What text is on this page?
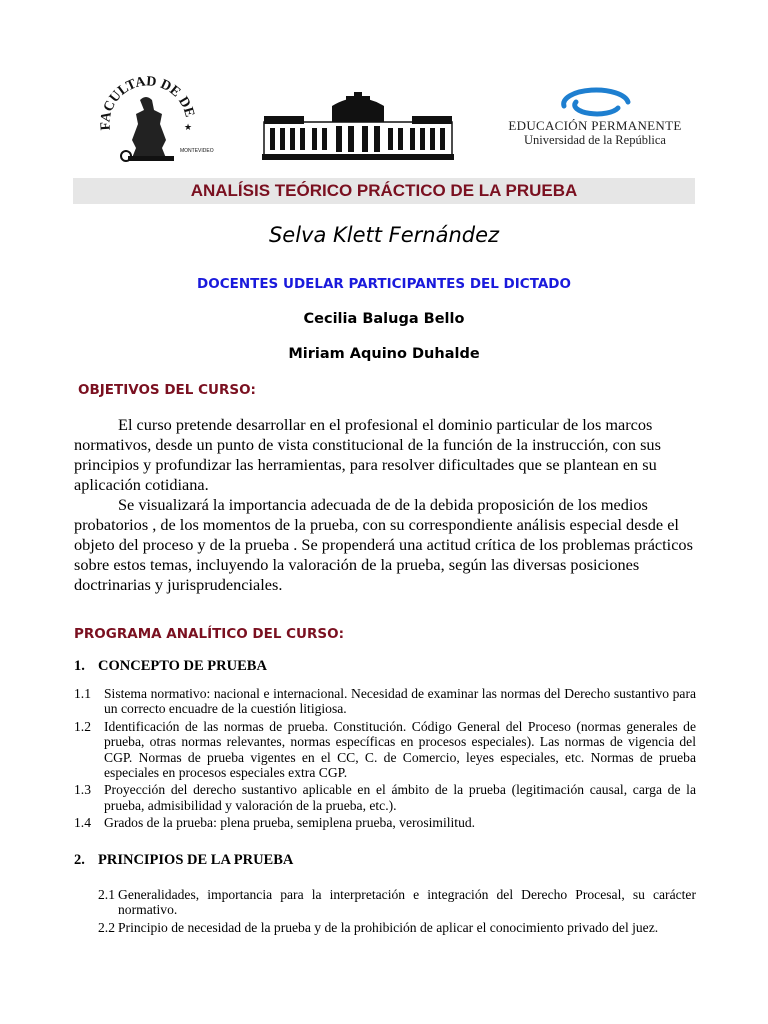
FACULTAD DE DE
MONTEVIDEO
★	EDUCACIÓN PERMANENTE
Universidad de la República
ANALÍSIS TEÓRICO PRÁCTICO DE LA PRUEBA
Selva Klett Fernández
DOCENTES UDELAR PARTICIPANTES DEL DICTADO
Cecilia Baluga Bello
Miriam Aquino Duhalde
OBJETIVOS DEL CURSO:

El curso pretende desarrollar en el profesional el dominio particular de los marcos normativos, desde un punto de vista constitucional de la función de la instrucción, con sus principios y profundizar las herramientas, para resolver dificultades que se plantean en su aplicación cotidiana.

Se visualizará la importancia adecuada de de la debida proposición de los medios probatorios , de los momentos de la prueba, con su correspondiente análisis especial desde el objeto del proceso y de la prueba . Se propenderá una actitud crítica de los problemas prácticos sobre estos temas, incluyendo la valoración de la prueba, según las diversas posiciones doctrinarias y jurisprudenciales.

PROGRAMA ANALÍTICO DEL CURSO:
1. CONCEPTO DE PRUEBA

1.1 Sistema normativo: nacional e internacional. Necesidad de examinar las normas del Derecho sustantivo para un correcto encuadre de la cuestión litigiosa.

1.2 Identificación de las normas de prueba. Constitución. Código General del Proceso (normas generales de prueba, otras normas relevantes, normas específicas en procesos especiales). Las normas de vigencia del CGP. Normas de prueba vigentes en el CC, C. de Comercio, leyes especiales, etc. Normas de prueba especiales en procesos especiales extra CGP.

1.3 Proyección del derecho sustantivo aplicable en el ámbito de la prueba (legitimación causal, carga de la prueba, admisibilidad y valoración de la prueba, etc.).

1.4 Grados de la prueba: plena prueba, semiplena prueba, verosimilitud.

2. PRINCIPIOS DE LA PRUEBA

2.1 Generalidades, importancia para la interpretación e integración del Derecho Procesal, su carácter normativo.

2.2 Principio de necesidad de la prueba y de la prohibición de aplicar el conocimiento privado del juez.
